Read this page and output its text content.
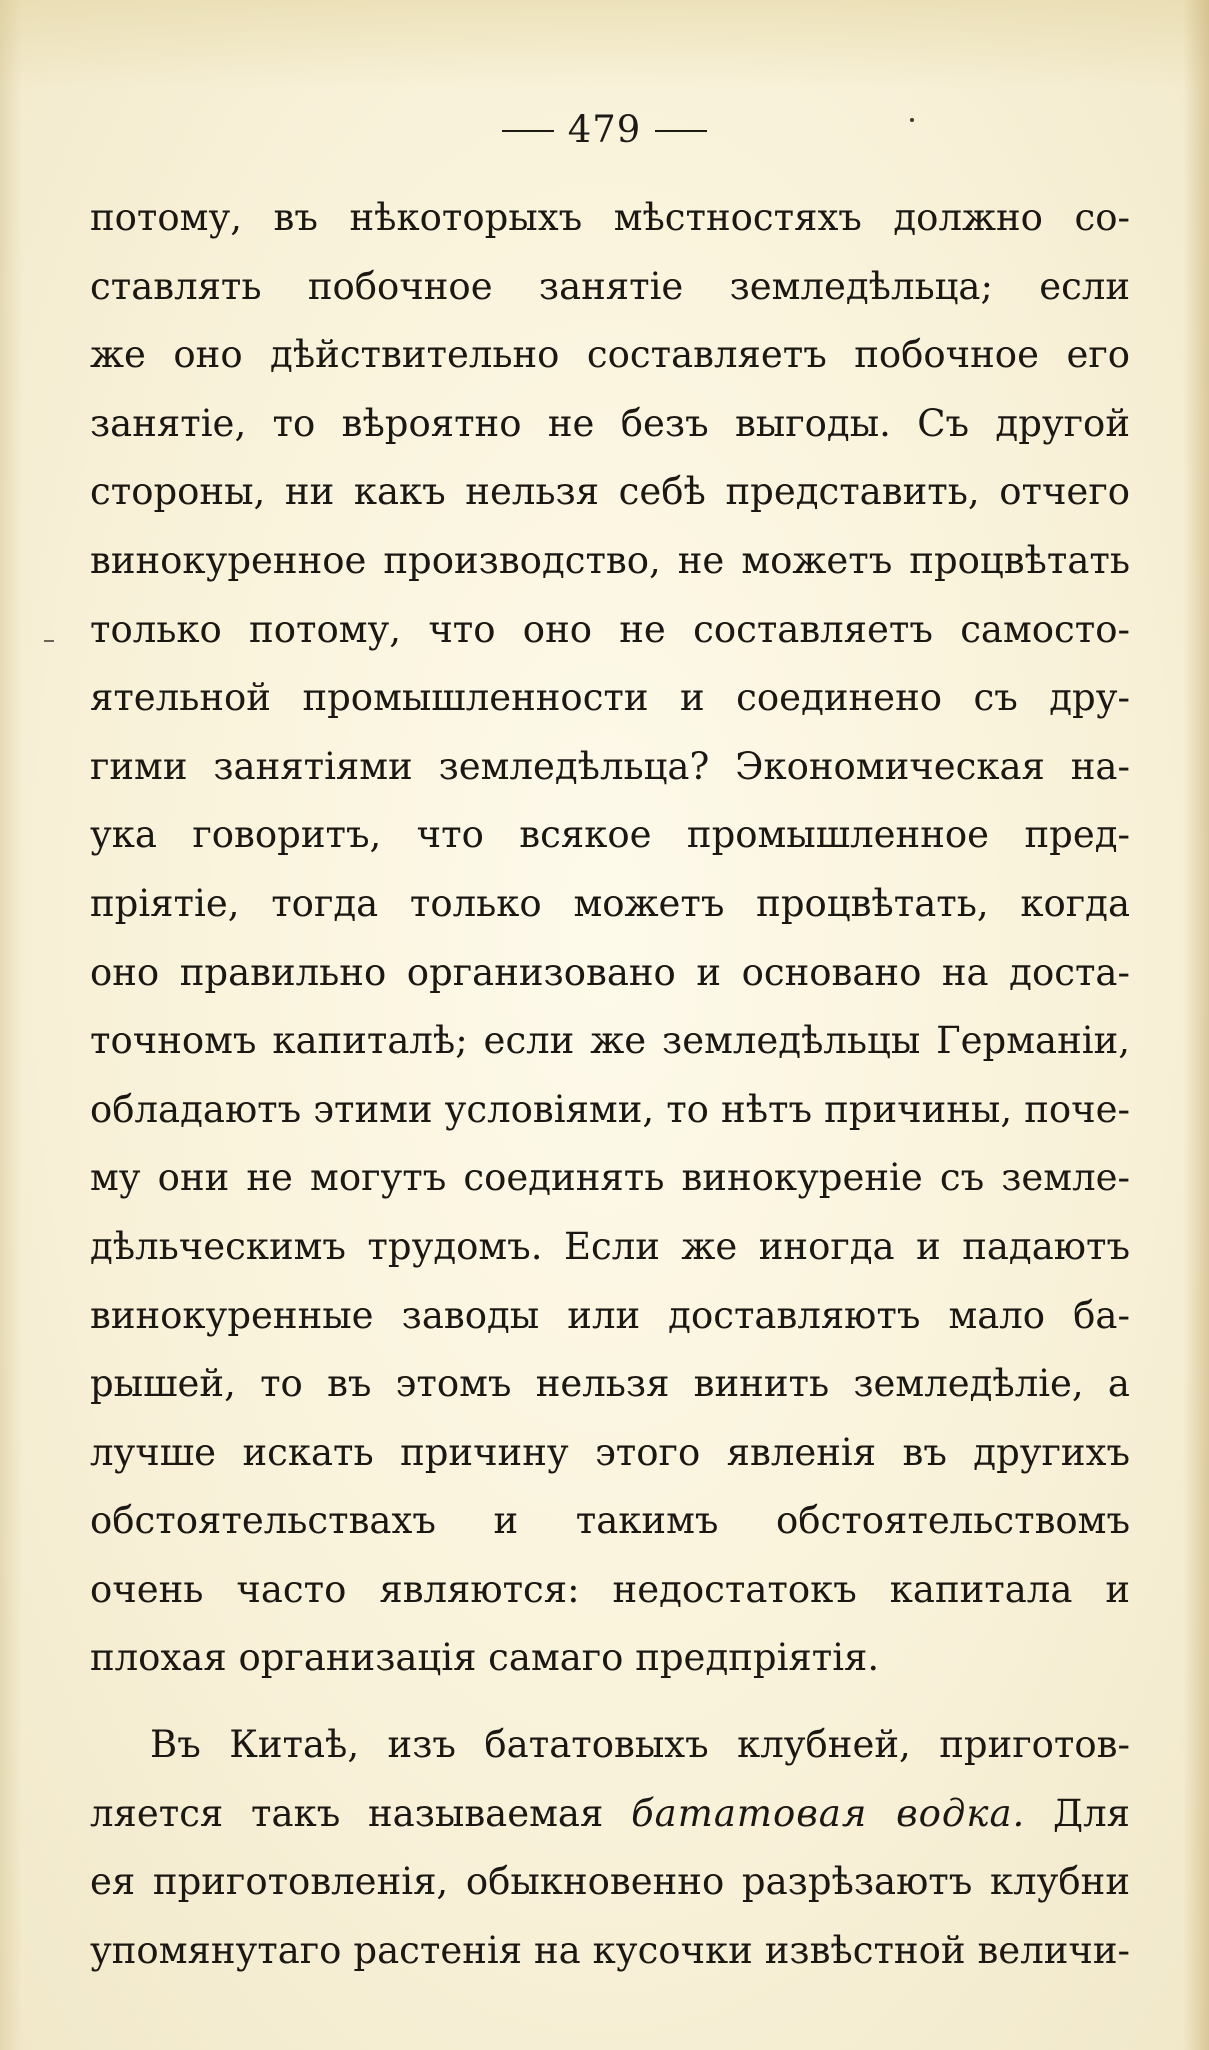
479
потому, въ нѣкоторыхъ мѣстностяхъ должно со-
ставлять побочное занятіе земледѣльца; если
же оно дѣйствительно составляетъ побочное его
занятіе, то вѣроятно не безъ выгоды. Съ другой
стороны, ни какъ нельзя себѣ представить, отчего
винокуренное производство, не можетъ процвѣтать
только потому, что оно не составляетъ самосто-
ятельной промышленности и соединено съ дру-
гими занятіями земледѣльца? Экономическая на-
ука говоритъ, что всякое промышленное пред-
пріятіе, тогда только можетъ процвѣтать, когда
оно правильно организовано и основано на доста-
точномъ капиталѣ; если же земледѣльцы Германіи,
обладаютъ этими условіями, то нѣтъ причины, поче-
му они не могутъ соединять винокуреніе съ земле-
дѣльческимъ трудомъ. Если же иногда и падаютъ
винокуренные заводы или доставляютъ мало ба-
рышей, то въ этомъ нельзя винить земледѣліе, а
лучше искать причину этого явленія въ другихъ
обстоятельствахъ и такимъ обстоятельствомъ
очень часто являются: недостатокъ капитала и
плохая организація самаго предпріятія.
Въ Китаѣ, изъ бататовыхъ клубней, приготов-
ляется такъ называемая бататовая водка. Для
ея приготовленія, обыкновенно разрѣзаютъ клубни
упомянутаго растенія на кусочки извѣстной величи-
